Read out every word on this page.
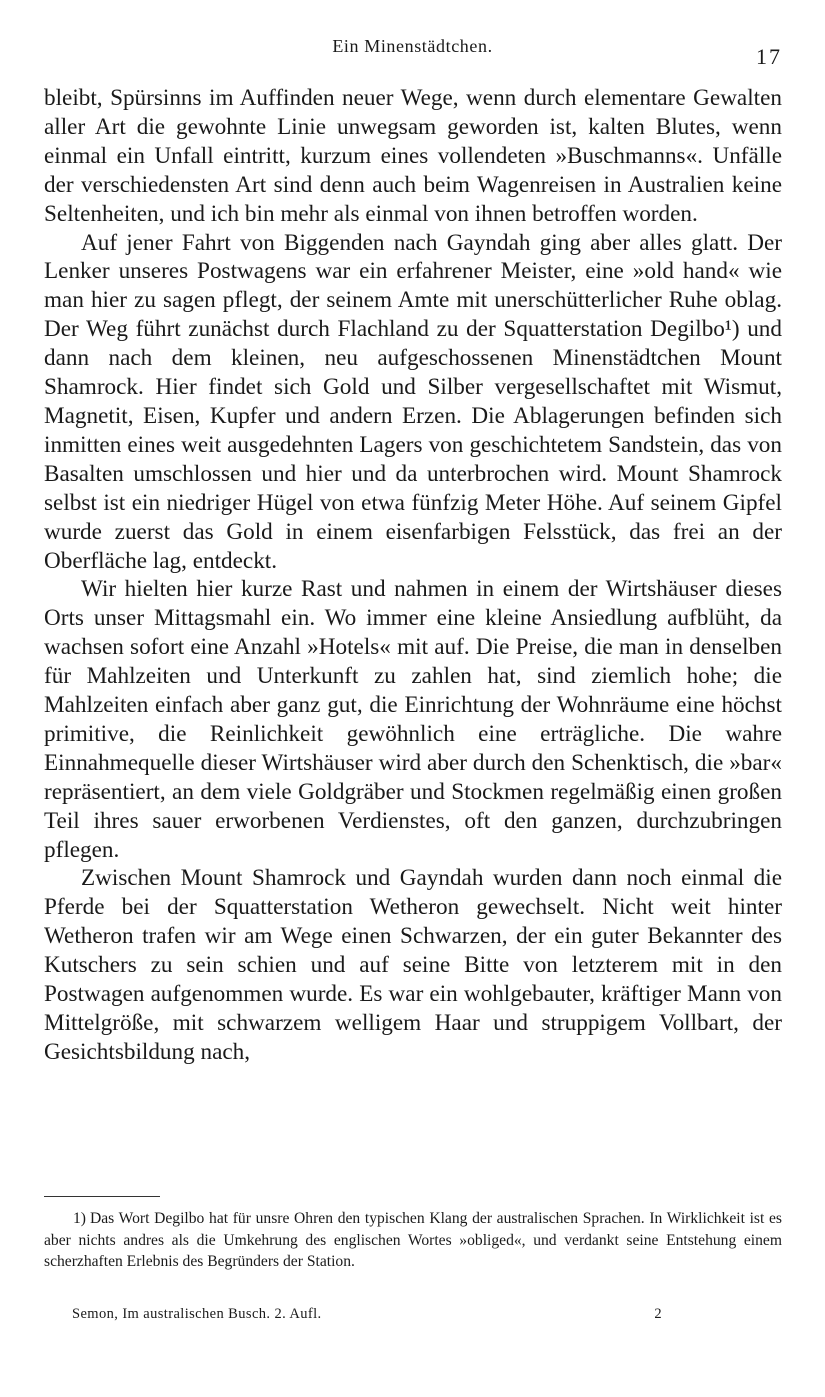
Ein Minenstädtchen.	17

bleibt, Spürsinns im Auffinden neuer Wege, wenn durch elementare Gewalten aller Art die gewohnte Linie unwegsam geworden ist, kalten Blutes, wenn einmal ein Unfall eintritt, kurzum eines vollendeten »Buschmanns«. Unfälle der verschiedensten Art sind denn auch beim Wagenreisen in Australien keine Seltenheiten, und ich bin mehr als einmal von ihnen betroffen worden.

Auf jener Fahrt von Biggenden nach Gayndah ging aber alles glatt. Der Lenker unseres Postwagens war ein erfahrener Meister, eine »old hand« wie man hier zu sagen pflegt, der seinem Amte mit unerschütterlicher Ruhe oblag. Der Weg führt zunächst durch Flachland zu der Squatterstation Degilbo¹) und dann nach dem kleinen, neu aufgeschossenen Minenstädtchen Mount Shamrock. Hier findet sich Gold und Silber vergesellschaftet mit Wismut, Magnetit, Eisen, Kupfer und andern Erzen. Die Ablagerungen befinden sich inmitten eines weit ausgedehnten Lagers von geschichtetem Sandstein, das von Basalten umschlossen und hier und da unterbrochen wird. Mount Shamrock selbst ist ein niedriger Hügel von etwa fünfzig Meter Höhe. Auf seinem Gipfel wurde zuerst das Gold in einem eisenfarbigen Felsstück, das frei an der Oberfläche lag, entdeckt.

Wir hielten hier kurze Rast und nahmen in einem der Wirtshäuser dieses Orts unser Mittagsmahl ein. Wo immer eine kleine Ansiedlung aufblüht, da wachsen sofort eine Anzahl »Hotels« mit auf. Die Preise, die man in denselben für Mahlzeiten und Unterkunft zu zahlen hat, sind ziemlich hohe; die Mahlzeiten einfach aber ganz gut, die Einrichtung der Wohnräume eine höchst primitive, die Reinlichkeit gewöhnlich eine erträgliche. Die wahre Einnahmequelle dieser Wirtshäuser wird aber durch den Schenktisch, die »bar« repräsentiert, an dem viele Goldgräber und Stockmen regelmäßig einen großen Teil ihres sauer erworbenen Verdienstes, oft den ganzen, durchzubringen pflegen.

Zwischen Mount Shamrock und Gayndah wurden dann noch einmal die Pferde bei der Squatterstation Wetheron gewechselt. Nicht weit hinter Wetheron trafen wir am Wege einen Schwarzen, der ein guter Bekannter des Kutschers zu sein schien und auf seine Bitte von letzterem mit in den Postwagen aufgenommen wurde. Es war ein wohlgebauter, kräftiger Mann von Mittelgröße, mit schwarzem welligem Haar und struppigem Vollbart, der Gesichtsbildung nach,

1) Das Wort Degilbo hat für unsre Ohren den typischen Klang der australischen Sprachen. In Wirklichkeit ist es aber nichts andres als die Umkehrung des englischen Wortes »obliged«, und verdankt seine Entstehung einem scherzhaften Erlebnis des Begründers der Station.
Semon, Im australischen Busch. 2. Aufl.	2
